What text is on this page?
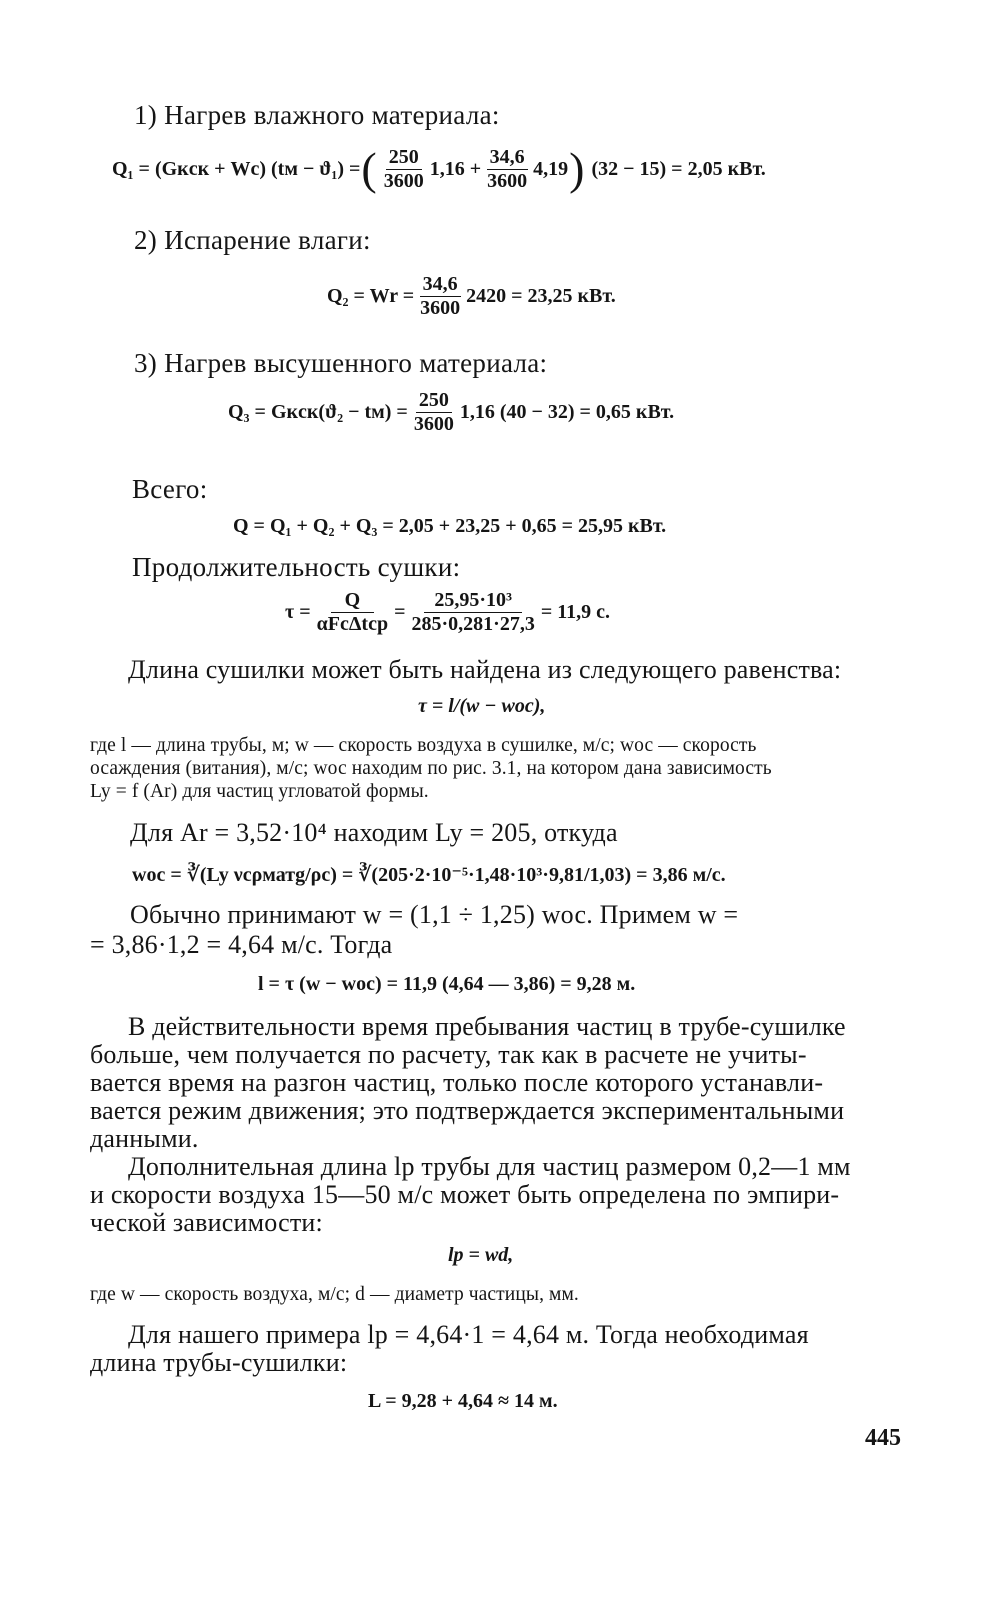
1) Нагрев влажного материала:
Q₁ = (Gкcк + Wc) (tм − ϑ₁) = ( $\frac{250}{3600} 1,16 + \frac{34,6}{3600} 4,19$ ) (32 − 15) = 2,05 кВт.
2) Испарение влаги:
$Q_2 = Wr = \frac{34,6}{3600} 2420 = 23,25$ кВт.
3) Нагрев высушенного материала:
Q₃ = Gкcк(ϑ₂ − $tм) = \frac{250}{3600} 1,16$ (40 − 32) = 0,65 кВт.
Всего:
Q = Q₁ + Q₂ + Q₃ = 2,05 + 23,25 + 0,65 = 25,95 кВт.
Продолжительность сушки:
$\tau = \frac{Q}{\text{αFcΔtср}} = \frac{\text{25,95·10³}}{285\cdot 0,281\cdot 27,3} = 11,9$ с.
Длина сушилки может быть найдена из следующего равенства:
τ = l/(w − wос),
где l — длина трубы, м; w — скорость воздуха в сушилке, м/с; wос — скорость
осаждения (витания), м/с; wос находим по рис. 3.1, на котором дана зависимость
Ly = f (Ar) для частиц угловатой формы.
Для Ar = 3,52·10⁴ находим Ly = 205, откуда
wос = ∛(Ly νcρматg/ρc) = ∛(205·2·10⁻⁵·1,48·10³·9,81/1,03) = 3,86 м/с.
Обычно принимают w = (1,1 ÷ 1,25) wос. Примем w =
= 3,86·1,2 = 4,64 м/с. Тогда
l = τ (w − wос) = 11,9 (4,64 — 3,86) = 9,28 м.
В действительности время пребывания частиц в трубе-сушилке
больше, чем получается по расчету, так как в расчете не учиты-
вается время на разгон частиц, только после которого устанавли-
вается режим движения; это подтверждается экспериментальными
данными.
Дополнительная длина lр трубы для частиц размером 0,2—1 мм
и скорости воздуха 15—50 м/с может быть определена по эмпири-
ческой зависимости:
lр = wd,
где w — скорость воздуха, м/с; d — диаметр частицы, мм.
Для нашего примера lр = 4,64·1 = 4,64 м. Тогда необходимая
длина трубы-сушилки:
L = 9,28 + 4,64 ≈ 14 м.
445
